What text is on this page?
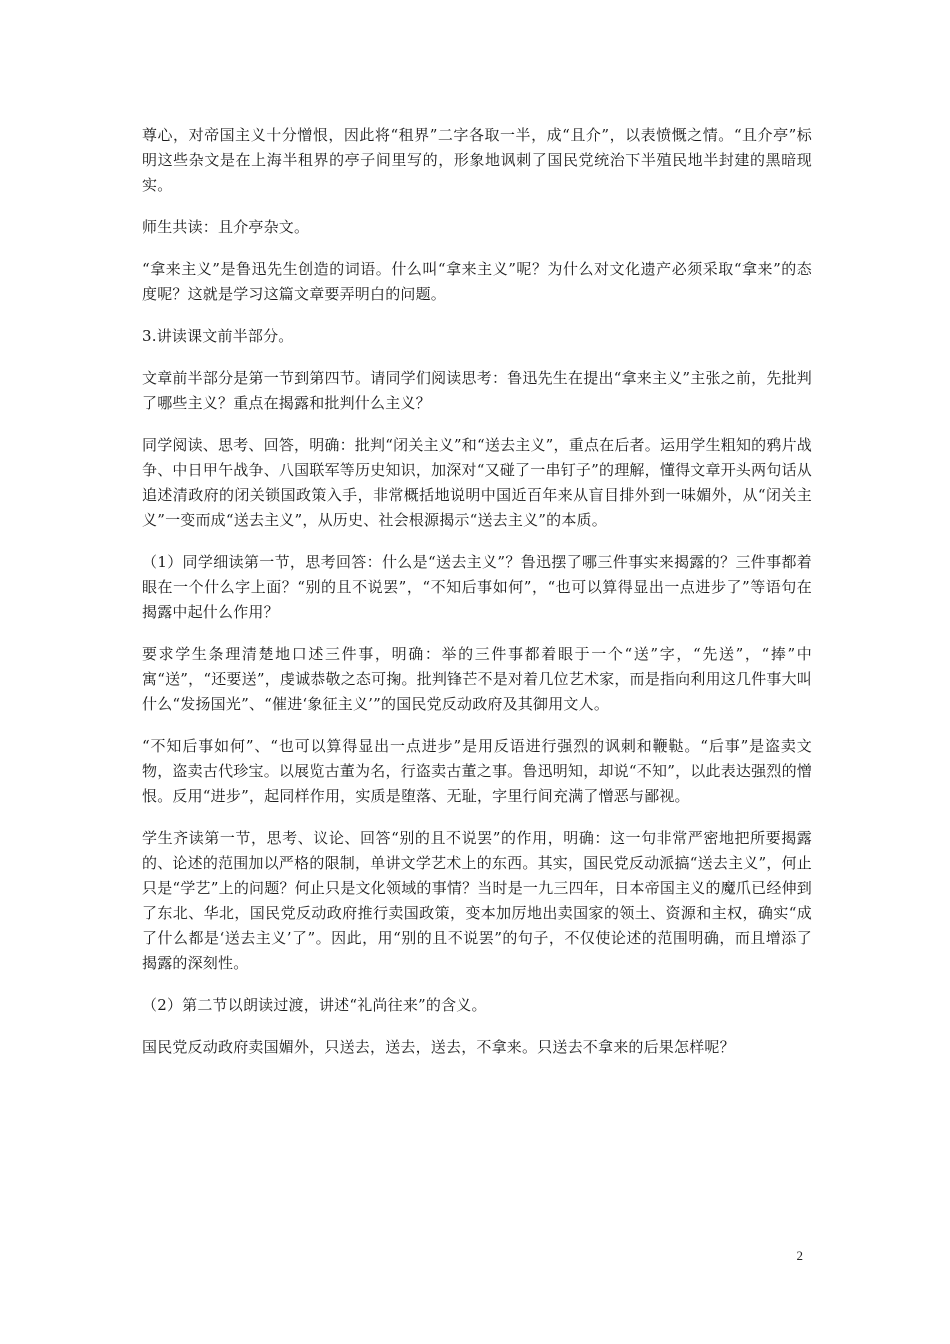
尊心，对帝国主义十分憎恨，因此将“租界”二字各取一半，成“且介”，以表愤慨之情。“且介亭”标明这些杂文是在上海半租界的亭子间里写的，形象地讽刺了国民党统治下半殖民地半封建的黑暗现实。

师生共读：且介亭杂文。

“拿来主义”是鲁迅先生创造的词语。什么叫“拿来主义”呢？为什么对文化遗产必须采取“拿来”的态度呢？这就是学习这篇文章要弄明白的问题。

3.讲读课文前半部分。

文章前半部分是第一节到第四节。请同学们阅读思考：鲁迅先生在提出“拿来主义”主张之前，先批判了哪些主义？重点在揭露和批判什么主义？

同学阅读、思考、回答，明确：批判“闭关主义”和“送去主义”，重点在后者。运用学生粗知的鸦片战争、中日甲午战争、八国联军等历史知识，加深对“又碰了一串钉子”的理解，懂得文章开头两句话从追述清政府的闭关锁国政策入手，非常概括地说明中国近百年来从盲目排外到一味媚外，从“闭关主义”一变而成“送去主义”，从历史、社会根源揭示“送去主义”的本质。

（1）同学细读第一节，思考回答：什么是“送去主义”？鲁迅摆了哪三件事实来揭露的？三件事都着眼在一个什么字上面？“别的且不说罢”，“不知后事如何”，“也可以算得显出一点进步了”等语句在揭露中起什么作用？

要求学生条理清楚地口述三件事，明确：举的三件事都着眼于一个“送”字，“先送”，“捧”中寓“送”，“还要送”，虔诚恭敬之态可掬。批判锋芒不是对着几位艺术家，而是指向利用这几件事大叫什么“发扬国光”、“催进‘象征主义’”的国民党反动政府及其御用文人。

“不知后事如何”、“也可以算得显出一点进步”是用反语进行强烈的讽刺和鞭鞑。“后事”是盗卖文物，盗卖古代珍宝。以展览古董为名，行盗卖古董之事。鲁迅明知，却说“不知”，以此表达强烈的憎恨。反用“进步”，起同样作用，实质是堕落、无耻，字里行间充满了憎恶与鄙视。

学生齐读第一节，思考、议论、回答“别的且不说罢”的作用，明确：这一句非常严密地把所要揭露的、论述的范围加以严格的限制，单讲文学艺术上的东西。其实，国民党反动派搞“送去主义”，何止只是“学艺”上的问题？何止只是文化领域的事情？当时是一九三四年，日本帝国主义的魔爪已经伸到了东北、华北，国民党反动政府推行卖国政策，变本加厉地出卖国家的领土、资源和主权，确实“成了什么都是‘送去主义’了”。因此，用“别的且不说罢”的句子，不仅使论述的范围明确，而且增添了揭露的深刻性。

（2）第二节以朗读过渡，讲述“礼尚往来”的含义。

国民党反动政府卖国媚外，只送去，送去，送去，不拿来。只送去不拿来的后果怎样呢？

2
